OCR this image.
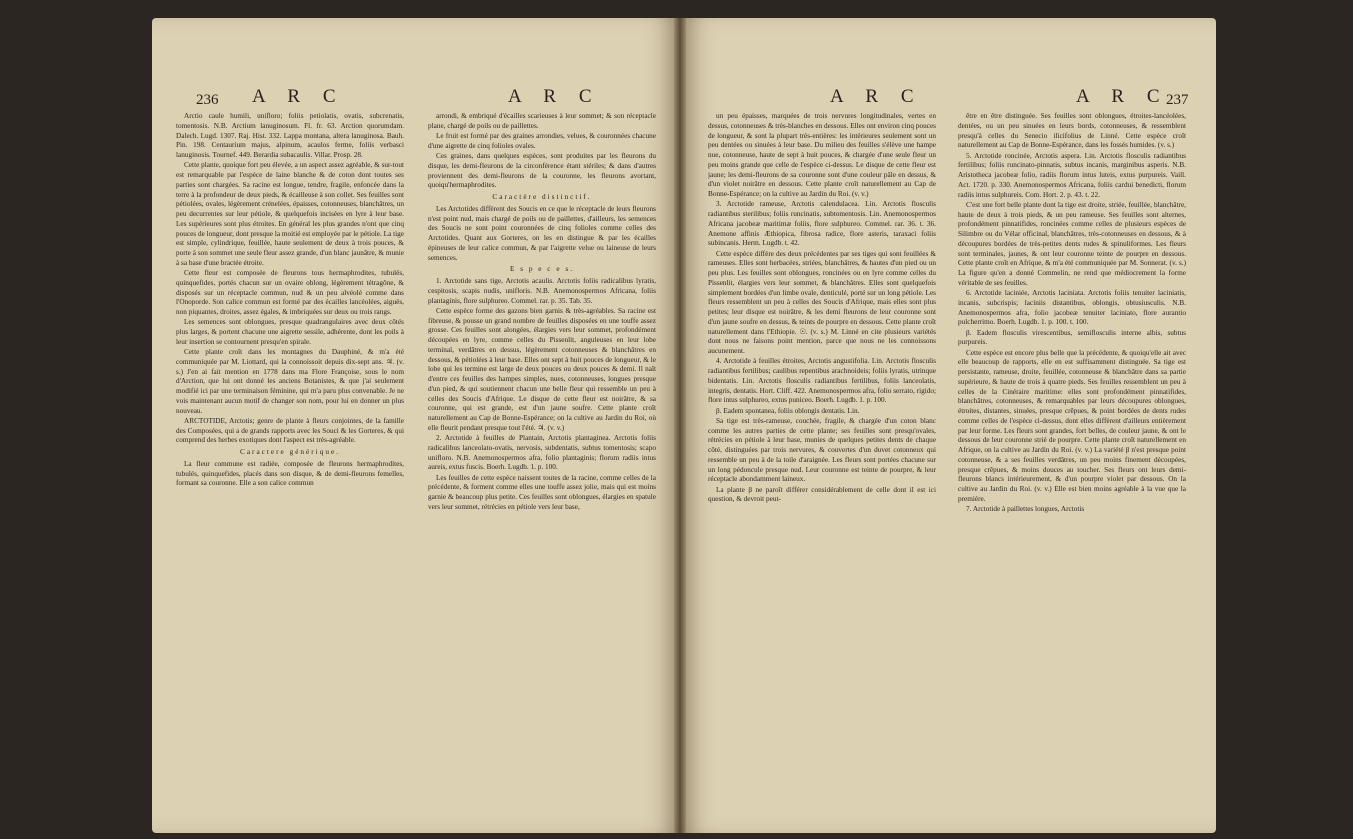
236 A R C	A R C

Arctio caule humili, unifloro; foliis petiolatis, ovatis, subcrenatis, tomentosis. N.B. Arctium lanuginosum. Fl. fr. 63. Arction quorumdam. Dalech. Lugd. 1307. Raj. Hist. 332. Lappa montana, altera lanuginosa. Bauh. Pin. 198. Centaurium majus, alpinum, acaulos ferme, foliis verbasci lanuginosis. Tournef. 449. Berardia subacaulis. Villar. Prosp. 28.

Cette plante, quoique fort peu élevée, a un aspect assez agréable, & sur-tout est remarquable par l'espèce de laine blanche & de coton dont toutes ses parties sont chargées. Sa racine est longue, tendre, fragile, enfoncée dans la terre à la profondeur de deux pieds, & écailleuse à son collet. Ses feuilles sont pétiolées, ovales, légèrement crénelées, épaisses, cotonneuses, blanchâtres, un peu decurrentes sur leur pétiole, & quelquefois incisées en lyre à leur base. Les supérieures sont plus étroites. En général les plus grandes n'ont que cinq pouces de longueur, dont presque la moitié est employée par le pétiole. La tige est simple, cylindrique, feuillée, haute seulement de deux à trois pouces, & porte à son sommet une seule fleur assez grande, d'un blanc jaunâtre, & munie à sa base d'une bractée étroite.

Cette fleur est composée de fleurons tous hermaphrodites, tubulés, quinquefides, portés chacun sur un ovaire oblong, légèrement tétragône, & disposés sur un réceptacle commun, nud & un peu alvéolé comme dans l'Onoporde. Son calice commun est formé par des écailles lancéolées, aiguës, non piquantes, droites, assez égales, & imbriquées sur deux ou trois rangs.

Les semences sont oblongues, presque quadrangulaires avec deux côtés plus larges, & portent chacune une aigrette sessile, adhérente, dont les poils à leur insertion se contournent presqu'en spirale.

Cette plante croît dans les montagnes du Dauphiné, & m'a été communiquée par M. Liottard, qui la connoissoit depuis dix-sept ans. ♃. (v. s.) J'en ai fait mention en 1778 dans ma Flore Françoise, sous le nom d'Arction, que lui ont donné les anciens Botanistes, & que j'ai seulement modifié ici par une terminaison féminine, qui m'a paru plus convenable. Je ne vois maintenant aucun motif de changer son nom, pour lui en donner un plus nouveau.

ARCTOTIDE, Arctotis; genre de plante à fleurs conjointes, de la famille des Composées, qui a de grands rapports avec les Souci & les Gorteres, & qui comprend des herbes exotiques dont l'aspect est très-agréable.

Caractere générique.

La fleur commune est radiée, composée de fleurons hermaphrodites, tubulés, quinquefides, placés dans son disque, & de demi-fleurons femelles, formant sa couronne. Elle a son calice commun

arrondi, & embriqué d'écailles scarieuses à leur sommet; & son réceptacle plane, chargé de poils ou de paillettes.

Le fruit est formé par des graines arrondies, velues, & couronnées chacune d'une aigrette de cinq folioles ovales.

Ces graines, dans quelques espèces, sont produites par les fleurons du disque, les demi-fleurons de la circonférence étant stériles; & dans d'autres proviennent des demi-fleurons de la couronne, les fleurons avortant, quoiqu'hermaphrodites.

Caractère distinctif.

Les Arctotides diffèrent des Soucis en ce que le réceptacle de leurs fleurons n'est point nud, mais chargé de poils ou de paillettes, d'ailleurs, les semences des Soucis ne sont point couronnées de cinq folioles comme celles des Arctotides. Quant aux Gorteres, on les en distingue & par les écailles épineuses de leur calice commun, & par l'aigrette velue ou laineuse de leurs semences.

E s p e c e s.

1. Arctotide sans tige, Arctotis acaulis. Arctotis foliis radicalibus lyratis, cespitosis, scapis nudis, unifloris. N.B. Anemonospermos Africana, foliis plantaginis, flore sulphureo. Commel. rar. p. 35. Tab. 35.

Cette espèce forme des gazons bien garnis & très-agréables. Sa racine est fibreuse, & pousse un grand nombre de feuilles disposées en une touffe assez grosse. Ces feuilles sont alongées, élargies vers leur sommet, profondément découpées en lyre, comme celles du Pissenlit, anguleuses en leur lobe terminal, verdâtres en dessus, légèrement cotonneuses & blanchâtres en dessous, & pétiolées à leur base. Elles ont sept à huit pouces de longueur, & le lobe qui les termine est large de deux pouces ou deux pouces & demi. Il naît d'entre ces feuilles des hampes simples, nues, cotonneuses, longues presque d'un pied, & qui soutiennent chacun une belle fleur qui ressemble un peu à celles des Soucis d'Afrique. Le disque de cette fleur est noirâtre, & sa couronne, qui est grande, est d'un jaune soufre. Cette plante croît naturellement au Cap de Bonne-Espérance; on la cultive au Jardin du Roi, où elle fleurit pendant presque tout l'été. ♃. (v. v.)

2. Arctotide à feuilles de Plantain, Arctotis plantaginea. Arctotis foliis radicalibus lanceolato-ovatis, nervosis, subdentatis, subtus tomentosis; scapo unifloro. N.B. Anemonospermos afra, folio plantaginis; florum radiis intus aureis, extus fuscis. Boerh. Lugdb. 1. p. 100.

Les feuilles de cette espèce naissent toutes de la racine, comme celles de la précédente, & forment comme elles une touffe assez jolie, mais qui est moins garnie & beaucoup plus petite. Ces feuilles sont oblongues, élargies en spatule vers leur sommet, rétrécies en pétiole vers leur base,

A R C	A R C
237

un peu épaisses, marquées de trois nervures longitudinales, vertes en dessus, cotonneuses & très-blanches en dessous. Elles ont environ cinq pouces de longueur, & sont la plupart très-entières: les intérieures seulement sont un peu dentées ou sinuées à leur base. Du milieu des feuilles s'élève une hampe nue, cotonneuse, haute de sept à huit pouces, & chargée d'une seule fleur un peu moins grande que celle de l'espèce ci-dessus. Le disque de cette fleur est jaune; les demi-fleurons de sa couronne sont d'une couleur pâle en dessus, & d'un violet noirâtre en dessous. Cette plante croît naturellement au Cap de Bonne-Espérance; on la cultive au Jardin du Roi. (v. v.)

3. Arctotide rameuse, Arctotis calendulacea. Lin. Arctotis flosculis radiantibus sterilibus; foliis runcinatis, subtomentosis. Lin. Anemonospermos Africana jacobeæ maritimæ foliis, flore sulphureo. Commel. rar. 36. t. 36. Anemone affinis Æthiopica, fibrosa radice, flore asteris, taraxaci foliis subincanis. Herm. Lugdb. t. 42.

Cette espèce diffère des deux précédentes par ses tiges qui sont feuillées & rameuses. Elles sont herbacées, striées, blanchâtres, & hautes d'un pied ou un peu plus. Les feuilles sont oblongues, roncinées ou en lyre comme celles du Pissenlit, élargies vers leur sommet, & blanchâtres. Elles sont quelquefois simplement bordées d'un limbe ovale, denticulé, porté sur un long pétiole. Les fleurs ressemblent un peu à celles des Soucis d'Afrique, mais elles sont plus petites; leur disque est noirâtre, & les demi fleurons de leur couronne sont d'un jaune soufre en dessus, & teints de pourpre en dessous. Cette plante croît naturellement dans l'Ethiopie. ☉. (v. s.) M. Linné en cite plusieurs variétés dont nous ne faisons point mention, parce que nous ne les connoissons aucunement.

4. Arctotide à feuilles étroites, Arctotis angustifolia. Lin. Arctotis flosculis radiantibus fertilibus; caulibus repentibus arachnoideis; foliis lyratis, utrinque bidentatis. Lin. Arctotis flosculis radiantibus fertilibus, foliis lanceolatis, integris, dentatis. Hort. Cliff. 422. Anemonospermos afra, folio serrato, rigido; flore intus sulphureo, extus puniceo. Boerh. Lugdb. 1. p. 100.

β. Eadem spontanea, foliis oblongis dentatis. Lin.

Sa tige est très-rameuse, couchée, fragile, & chargée d'un coton blanc comme les autres parties de cette plante; ses feuilles sont presqu'ovales, rétrécies en pétiole à leur base, munies de quelques petites dents de chaque côté, distinguées par trois nervures, & couvertes d'un duvet cotonneux qui ressemble un peu à de la toile d'araignée. Les fleurs sont portées chacune sur un long pédoncule presque nud. Leur couronne est teinte de pourpre, & leur réceptacle abondamment laineux.

La plante β ne paroît différer considérablement de celle dont il est ici question, & devroit peut-

être en être distinguée. Ses feuilles sont oblongues, étroites-lancéolées, dentées, ou un peu sinuées en leurs bords, cotonneuses, & ressemblent presqu'à celles du Senecio ilicifolius de Linné. Cette espèce croît naturellement au Cap de Bonne-Espérance, dans les fossés humides. (v. s.)

5. Arctotide roncinée, Arctotis aspera. Lin. Arctotis flosculis radiantibus fertilibus; foliis runcinato-pinnatis, subtus incanis, marginibus asperis. N.B. Aristotheca jacobeæ folio, radiis florum intus luteis, extus purpureis. Vaill. Act. 1720. p. 330. Anemonospermos Africana, foliis cardui benedicti, florum radiis intus sulphureis. Com. Hort. 2. p. 43. t. 22.

C'est une fort belle plante dont la tige est droite, striée, feuillée, blanchâtre, haute de deux à trois pieds, & un peu rameuse. Ses feuilles sont alternes, profondément pinnatifides, roncinées comme celles de plusieurs espèces de Silimbre ou du Vélar officinal, blanchâtres, très-cotonneuses en dessous, & à découpures bordées de très-petites dents rudes & spinuliformes. Les fleurs sont terminales, jaunes, & ont leur couronne teinte de pourpre en dessous. Cette plante croît en Afrique, & m'a été communiquée par M. Sonnerat. (v. s.) La figure qu'en a donné Commelin, ne rend que médiocrement la forme véritable de ses feuilles.

6. Arctotide laciniée, Arctotis laciniata. Arctotis foliis tenuiter laciniatis, incanis, subcrispis; laciniis distantibus, oblongis, obtusiusculis. N.B. Anemonospermos afra, folio jacobeæ tenuiter laciniato, flore aurantio pulcherrimo. Boerh. Lugdb. 1. p. 100. t. 100.

β. Eadem flosculis virescentibus, semiflosculis interne albis, subtus purpureis.

Cette espèce est encore plus belle que la précédente, & quoiqu'elle ait avec elle beaucoup de rapports, elle en est suffisamment distinguée. Sa tige est persistante, rameuse, droite, feuillée, cotonneuse & blanchâtre dans sa partie supérieure, & haute de trois à quatre pieds. Ses feuilles ressemblent un peu à celles de la Cinéraire maritime: elles sont profondément pinnatifides, blanchâtres, cotonneuses, & remarquables par leurs découpures oblongues, étroites, distantes, sinuées, presque crêpues, & point bordées de dents rudes comme celles de l'espèce ci-dessus, dont elles diffèrent d'ailleurs entièrement par leur forme. Les fleurs sont grandes, fort belles, de couleur jaune, & ont le dessous de leur couronne strié de pourpre. Cette plante croît naturellement en Afrique, on la cultive au Jardin du Roi. (v. v.) La variété β n'est presque point cotonneuse, & a ses feuilles verdâtres, un peu moins finement découpées, presque crêpues, & moins douces au toucher. Ses fleurs ont leurs demi-fleurons blancs intérieurement, & d'un pourpre violet par dessous. On la cultive au Jardin du Roi. (v. v.) Elle est bien moins agréable à la vue que la première.

7. Arctotide à paillettes longues, Arctotis
